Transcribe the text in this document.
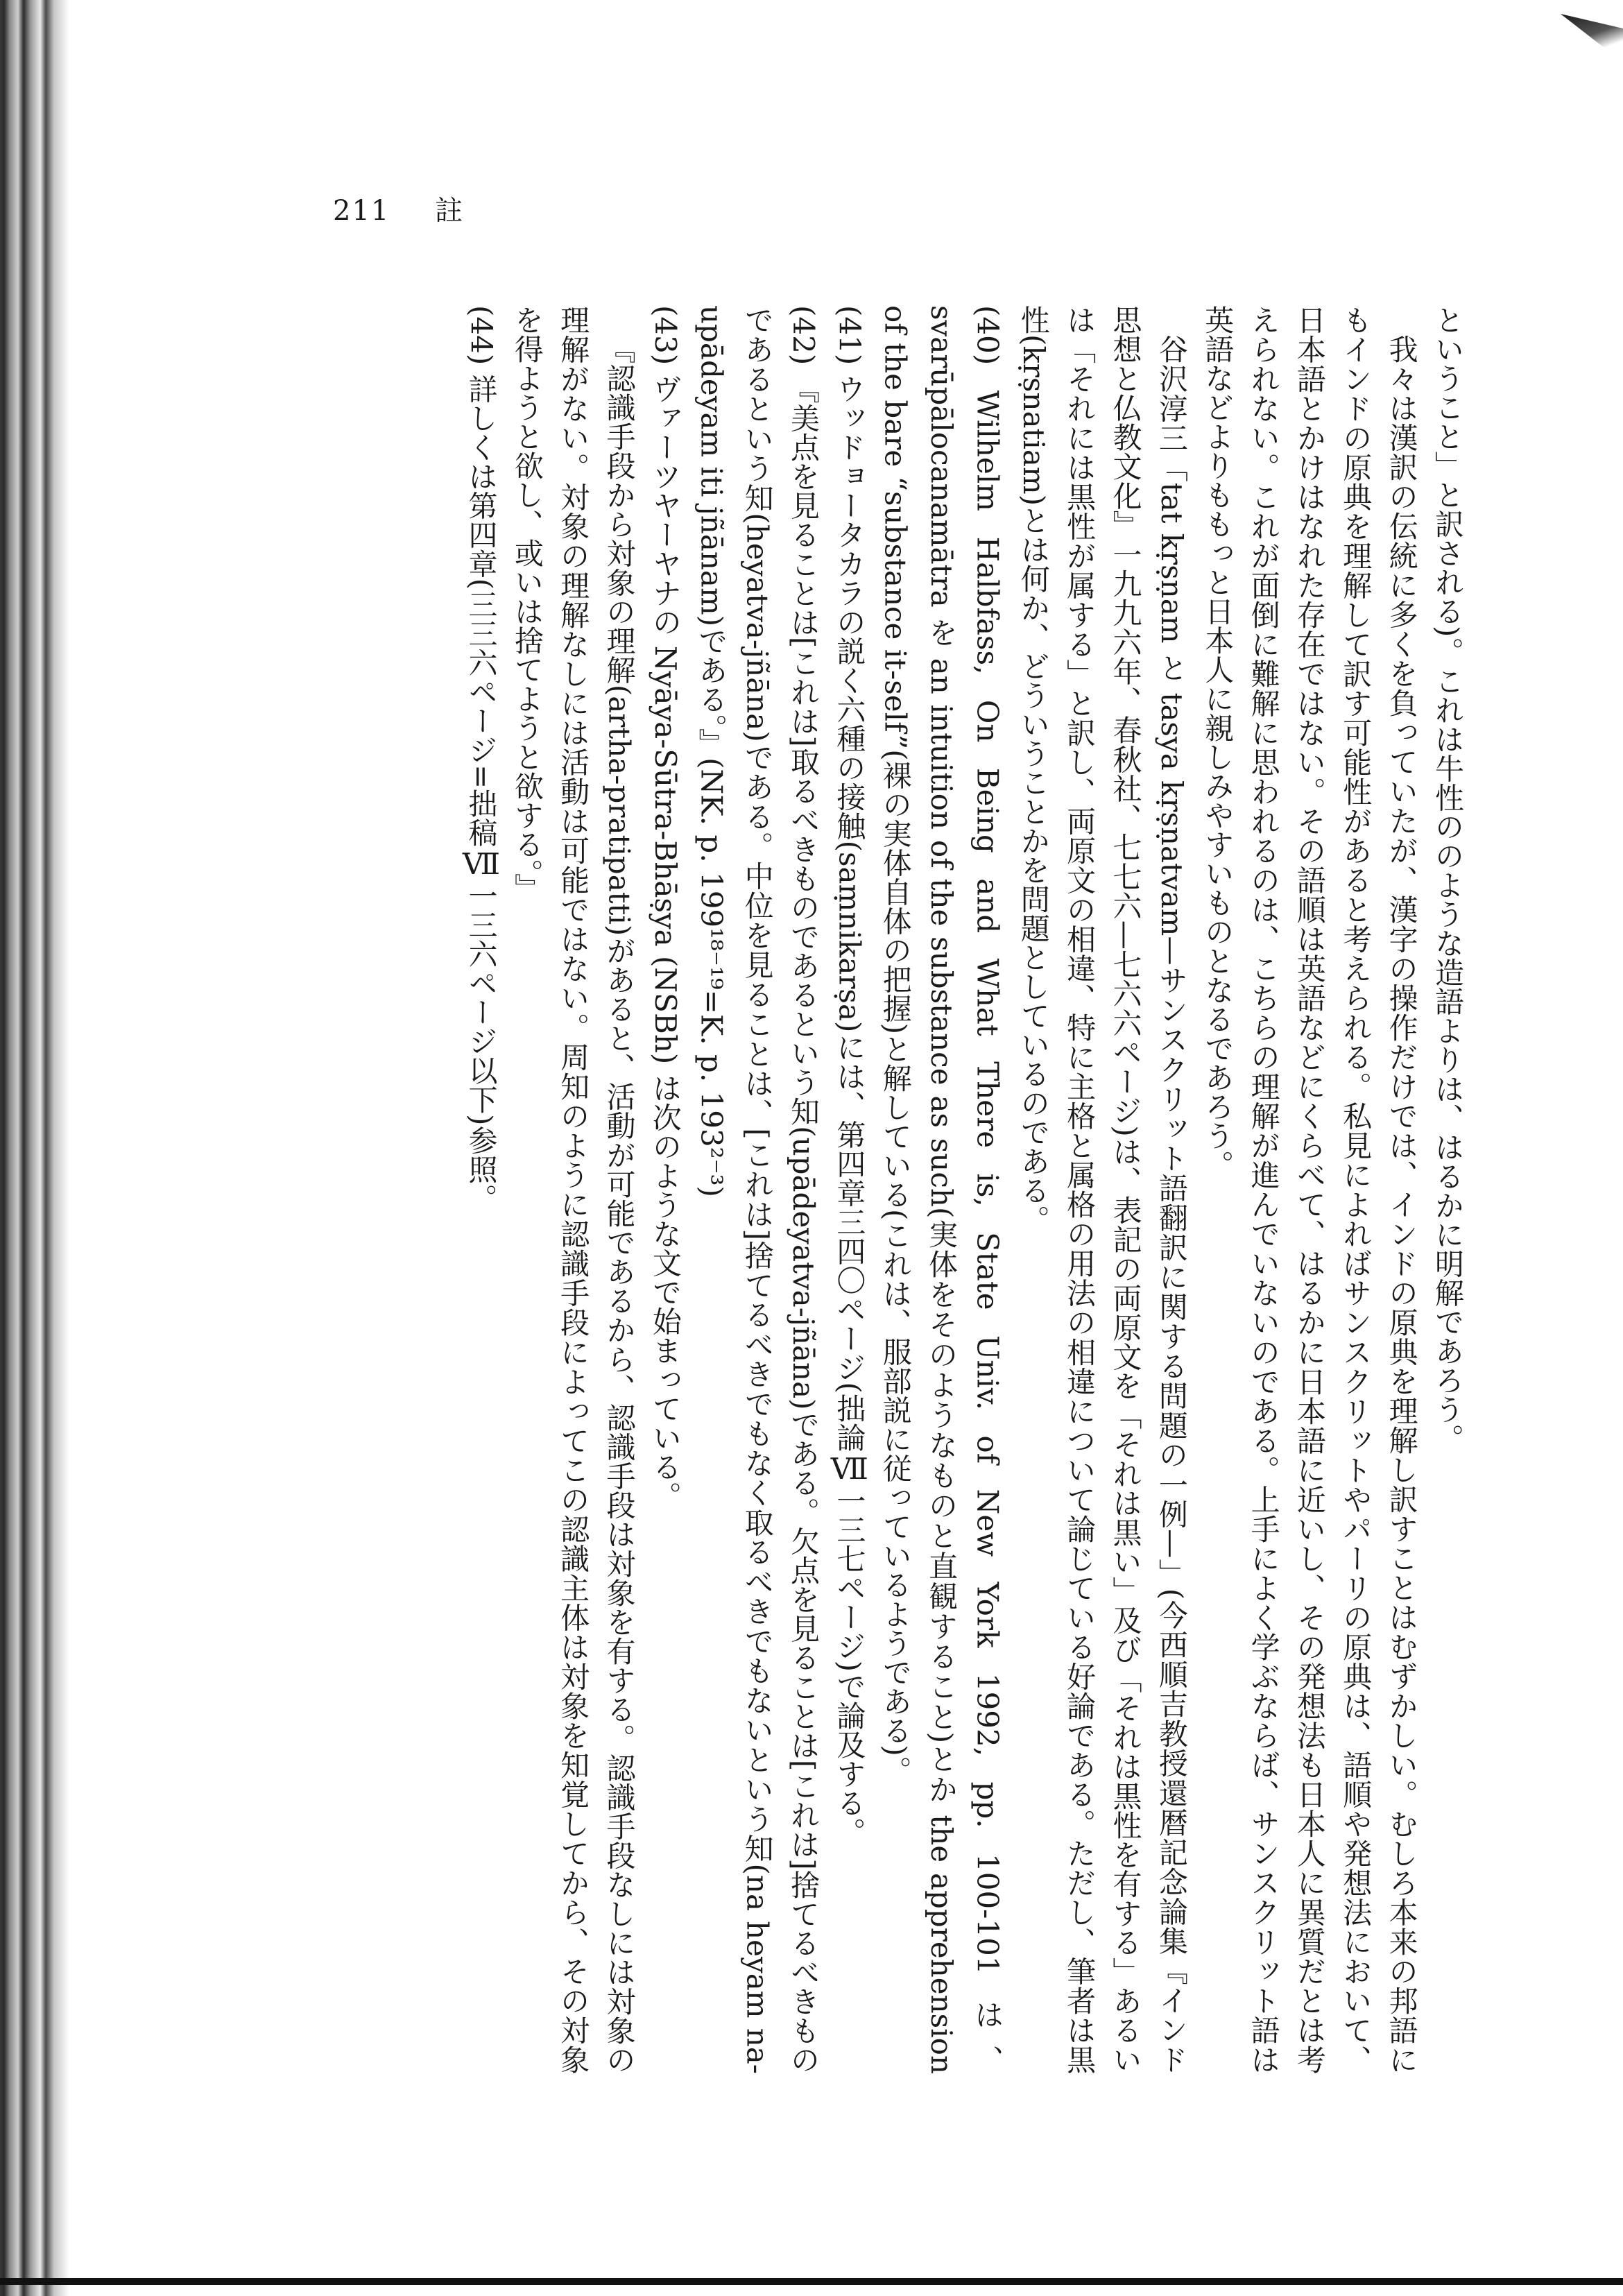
211 註

ということ」と訳される)。これは牛性ののような造語よりは、はるかに明解であろう。

我々は漢訳の伝統に多くを負っていたが、漢字の操作だけでは、インドの原典を理解し訳すことはむずかしい。むしろ本来の邦語にもインドの原典を理解して訳す可能性があると考えられる。私見によればサンスクリットやパーリの原典は、語順や発想法において、日本語とかけはなれた存在ではない。その語順は英語などにくらべて、はるかに日本語に近いし、その発想法も日本人に異質だとは考えられない。これが面倒に難解に思われるのは、こちらの理解が進んでいないのである。上手によく学ぶならば、サンスクリット語は英語などよりももっと日本人に親しみやすいものとなるであろう。

谷沢淳三「tat kṛṣṇam と tasya kṛṣṇatvam—サンスクリット語翻訳に関する問題の一例—」(今西順吉教授還暦記念論集『インド思想と仏教文化』一九九六年、春秋社、七七六—七六六ページ)は、表記の両原文を「それは黒い」及び「それは黒性を有する」あるいは「それには黒性が属する」と訳し、両原文の相違、特に主格と属格の用法の相違について論じている好論である。ただし、筆者は黒性(kṛṣnatiam)とは何か、どういうことかを問題としているのである。

(40) Wilhelm Halbfass, On Being and What There is, State Univ. of New York 1992, pp. 100-101 は、svarūpālocanamātra を an intuition of the substance as such(実体をそのようなものと直観すること)とか the apprehension of the bare “substance it-self”(裸の実体自体の把握)と解している(これは、服部説に従っているようである)。

(41) ウッドョータカラの説く六種の接触(saṃnikarṣa)には、第四章三四〇ページ(拙論Ⅶ一三七ページ)で論及する。

(42) 『美点を見ることは[これは]取るべきものであるという知(upādeyatva-jñāna)である。欠点を見ることは[これは]捨てるべきものであるという知(heyatva-jñāna)である。中位を見ることは、[これは]捨てるべきでもなく取るべきでもないという知(na heyam na-upādeyam iti jñānam)である。』(NK. p. 199¹⁸⁻¹⁹=K. p. 193²⁻³)

(43) ヴァーツヤーヤナの Nyāya-Sūtra-Bhāṣya (NSBh) は次のような文で始まっている。

『認識手段から対象の理解(artha-pratipatti)があると、活動が可能であるから、認識手段は対象を有する。認識手段なしには対象の理解がない。対象の理解なしには活動は可能ではない。周知のように認識手段によってこの認識主体は対象を知覚してから、その対象を得ようと欲し、或いは捨てようと欲する。』

(44) 詳しくは第四章(三三六ページ=拙稿Ⅶ一三六ページ以下)参照。
